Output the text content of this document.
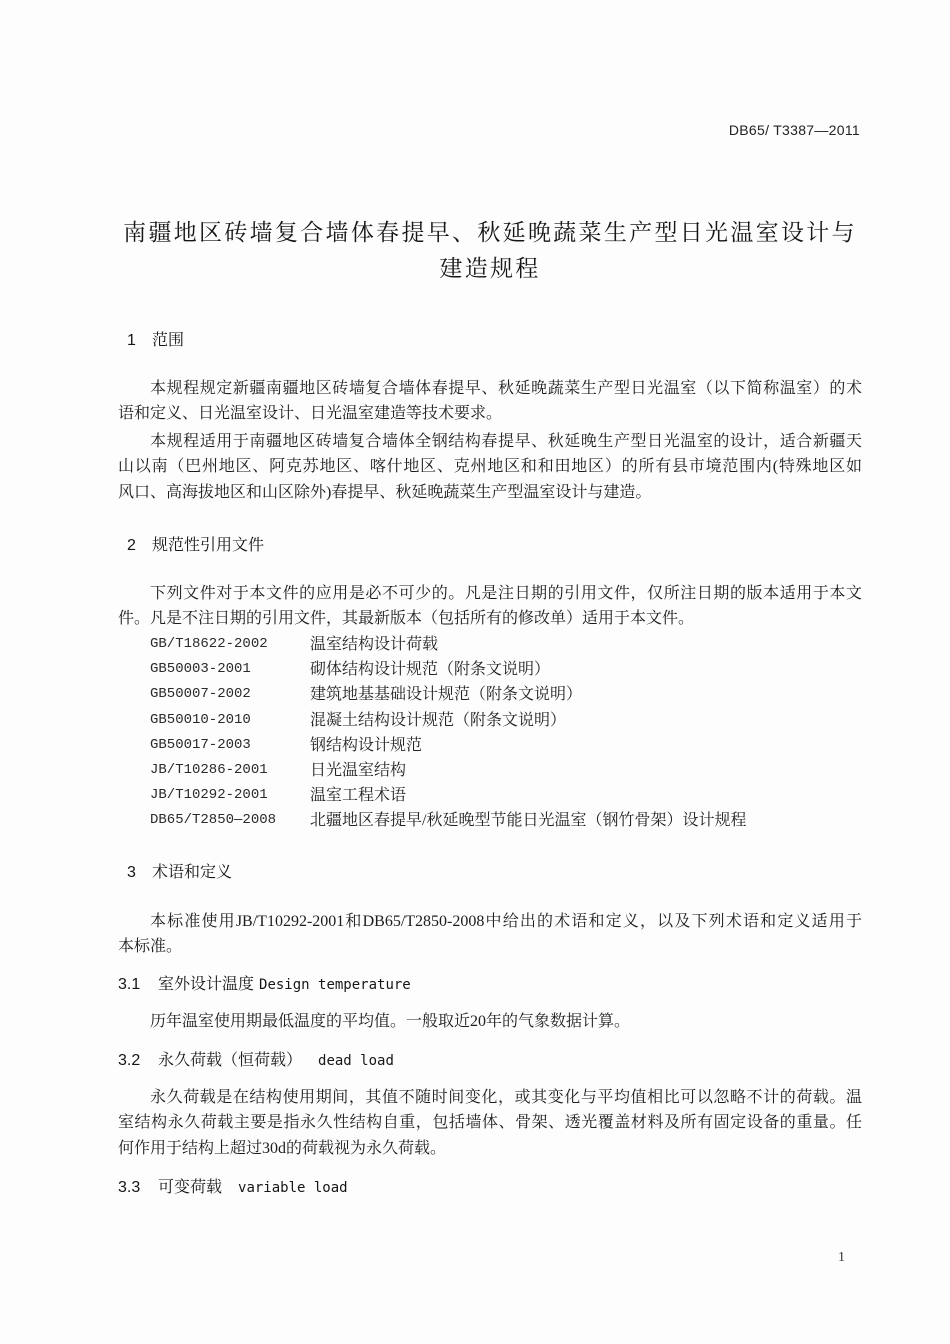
DB65/ T3387—2011
南疆地区砖墙复合墙体春提早、秋延晚蔬菜生产型日光温室设计与
建造规程
1 范围
本规程规定新疆南疆地区砖墙复合墙体春提早、秋延晚蔬菜生产型日光温室（以下简称温室）的术
语和定义、日光温室设计、日光温室建造等技术要求。
本规程适用于南疆地区砖墙复合墙体全钢结构春提早、秋延晚生产型日光温室的设计，适合新疆天
山以南（巴州地区、阿克苏地区、喀什地区、克州地区和和田地区）的所有县市境范围内(特殊地区如
风口、高海拔地区和山区除外)春提早、秋延晚蔬菜生产型温室设计与建造。
2 规范性引用文件
下列文件对于本文件的应用是必不可少的。凡是注日期的引用文件，仅所注日期的版本适用于本文
件。凡是不注日期的引用文件，其最新版本（包括所有的修改单）适用于本文件。
GB/T18622-2002	温室结构设计荷载
GB50003-2001	砌体结构设计规范（附条文说明）
GB50007-2002	建筑地基基础设计规范（附条文说明）
GB50010-2010	混凝土结构设计规范（附条文说明）
GB50017-2003	钢结构设计规范
JB/T10286-2001	日光温室结构
JB/T10292-2001	温室工程术语
DB65/T2850—2008	北疆地区春提早/秋延晚型节能日光温室（钢竹骨架）设计规程
3 术语和定义
本标准使用JB/T10292-2001和DB65/T2850-2008中给出的术语和定义，以及下列术语和定义适用于
本标准。
3.1 室外设计温度 Design temperature
历年温室使用期最低温度的平均值。一般取近20年的气象数据计算。
3.2 永久荷载（恒荷载） dead load
永久荷载是在结构使用期间，其值不随时间变化，或其变化与平均值相比可以忽略不计的荷载。温
室结构永久荷载主要是指永久性结构自重，包括墙体、骨架、透光覆盖材料及所有固定设备的重量。任
何作用于结构上超过30d的荷载视为永久荷载。
3.3 可变荷载 variable load
1
